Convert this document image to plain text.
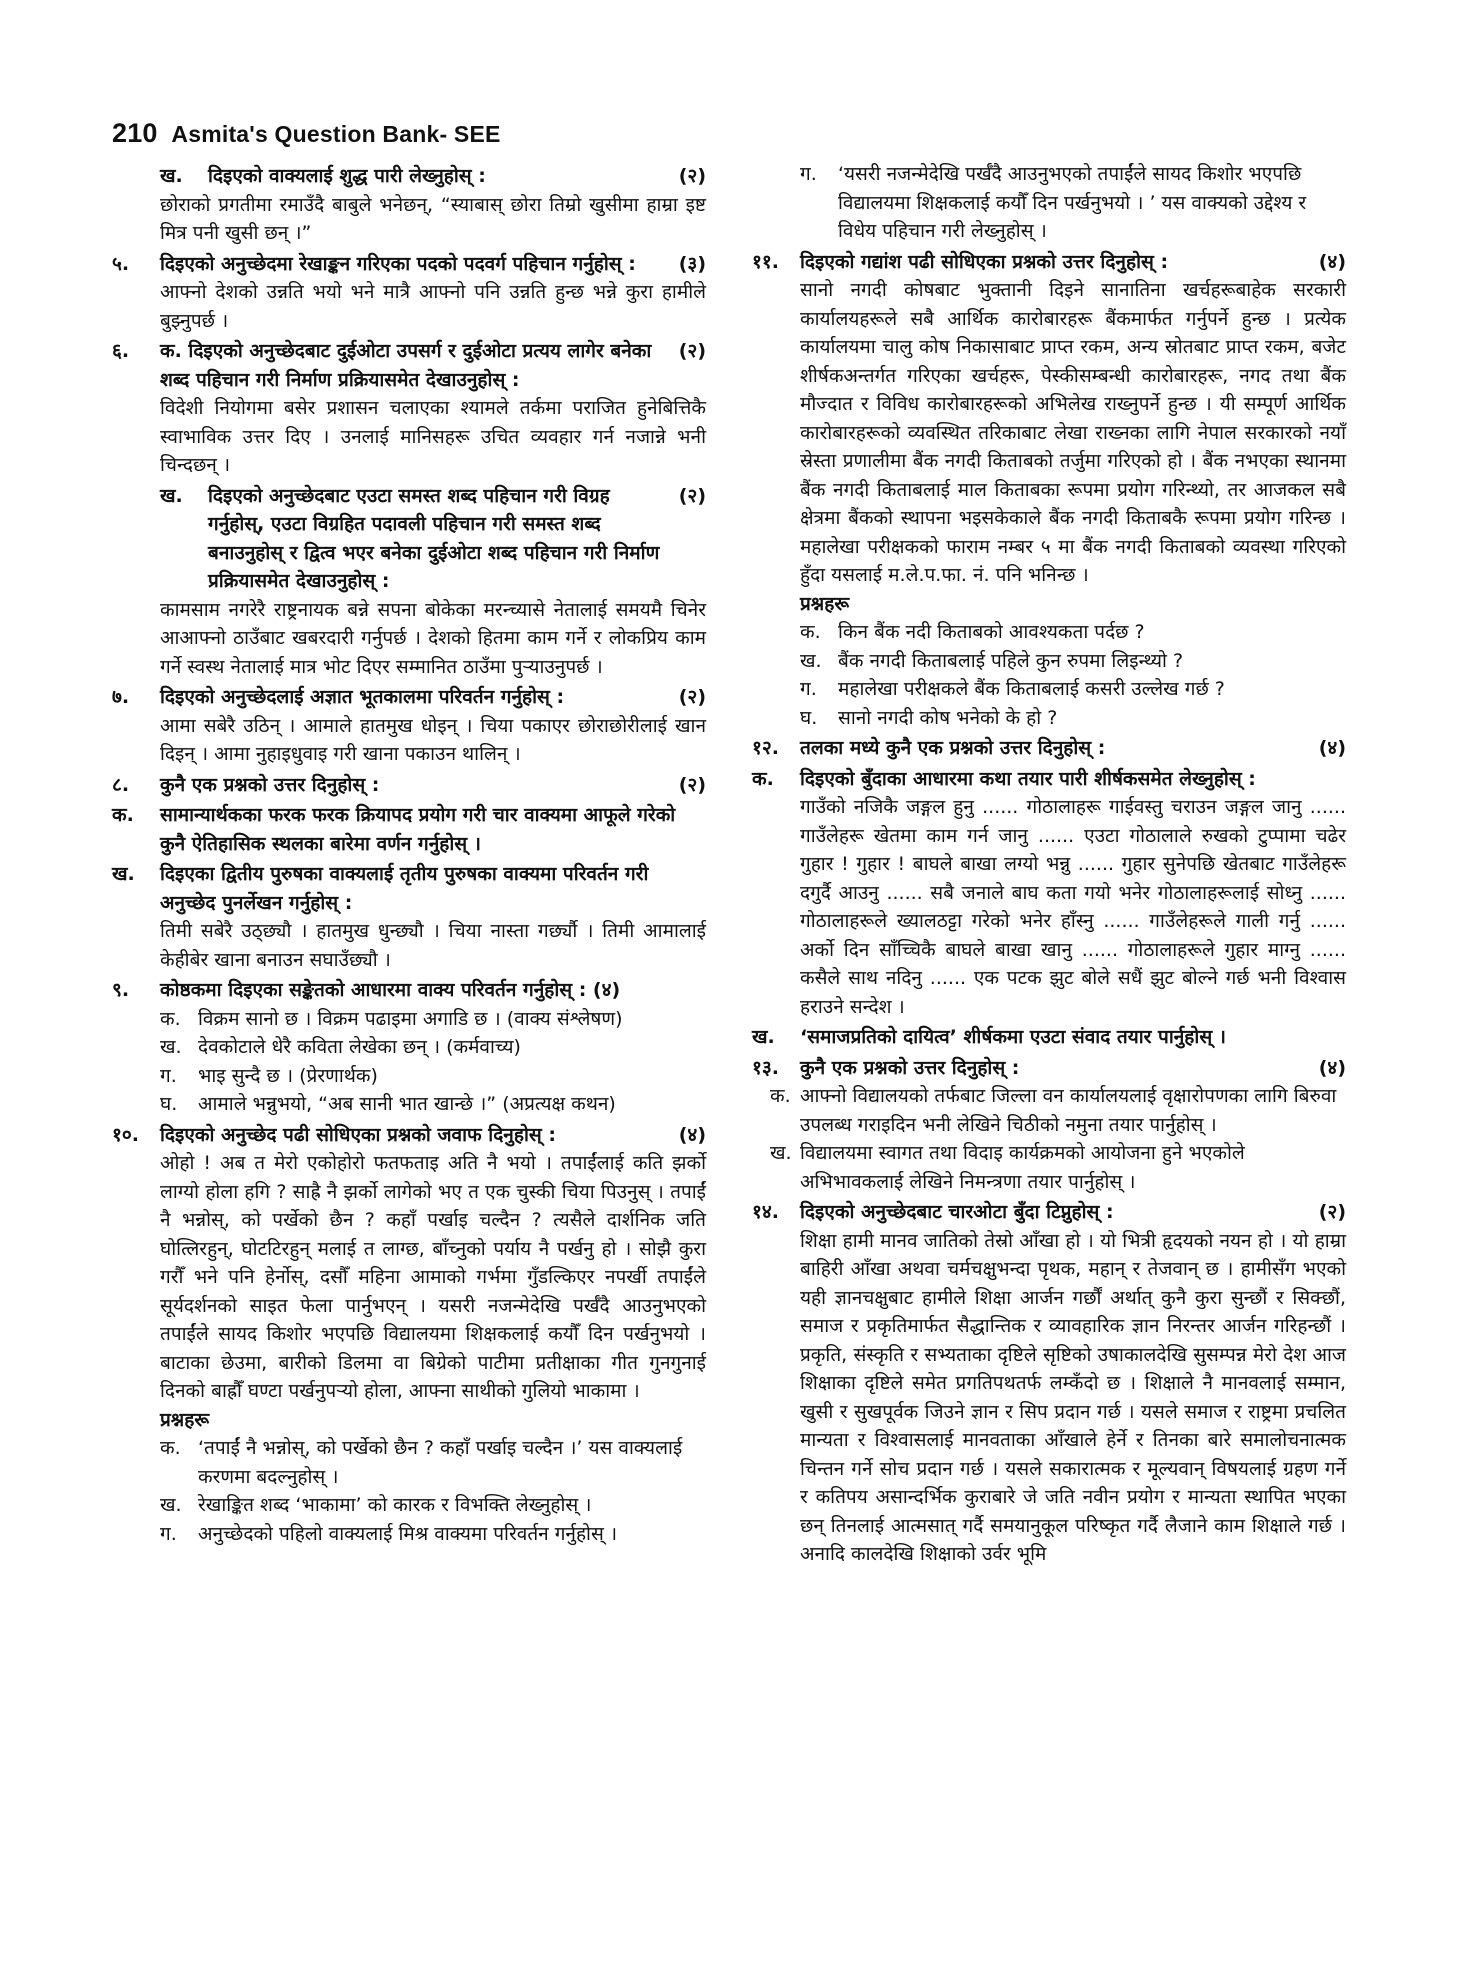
210 Asmita's Question Bank- SEE
ख.	दिइएको वाक्यलाई शुद्ध पारी लेख्नुहोस् :	(२)
छोराको प्रगतीमा रमाउँदै बाबुले भनेछन्, “स्याबास् छोरा तिम्रो खुसीमा हाम्रा इष्ट मित्र पनी खुसी छन् ।”
५.	दिइएको अनुच्छेदमा रेखाङ्कन गरिएका पदको पदवर्ग पहिचान गर्नुहोस् :	(३)
आफ्नो देशको उन्नति भयो भने मात्रै आफ्नो पनि उन्नति हुन्छ भन्ने कुरा हामीले बुझ्नुपर्छ ।
६.	क. दिइएको अनुच्छेदबाट दुईओटा उपसर्ग र दुईओटा प्रत्यय लागेर बनेका शब्द पहिचान गरी निर्माण प्रक्रियासमेत देखाउनुहोस् :
(२)
विदेशी नियोगमा बसेर प्रशासन चलाएका श्यामले तर्कमा पराजित हुनेबित्तिकै स्वाभाविक उत्तर दिए । उनलाई मानिसहरू उचित व्यवहार गर्न नजान्ने भनी चिन्दछन् ।
ख.	दिइएको अनुच्छेदबाट एउटा समस्त शब्द पहिचान गरी विग्रह गर्नुहोस्, एउटा विग्रहित पदावली पहिचान गरी समस्त शब्द बनाउनुहोस् र द्वित्व भएर बनेका दुईओटा शब्द पहिचान गरी निर्माण प्रक्रियासमेत देखाउनुहोस् :
(२)
कामसाम नगरेरै राष्ट्रनायक बन्ने सपना बोकेका मरन्च्यासे नेतालाई समयमै चिनेर आआफ्नो ठाउँबाट खबरदारी गर्नुपर्छ । देशको हितमा काम गर्ने र लोकप्रिय काम गर्ने स्वस्थ नेतालाई मात्र भोट दिएर सम्मानित ठाउँमा पुऱ्याउनुपर्छ ।
७.	दिइएको अनुच्छेदलाई अज्ञात भूतकालमा परिवर्तन गर्नुहोस् :	(२)
आमा सबेरै उठिन् । आमाले हातमुख धोइन् । चिया पकाएर छोराछोरीलाई खान दिइन् । आमा नुहाइधुवाइ गरी खाना पकाउन थालिन् ।
८.	कुनै एक प्रश्नको उत्तर दिनुहोस् :	(२)
क.	सामान्यार्थकका फरक फरक क्रियापद प्रयोग गरी चार वाक्यमा आफूले गरेको कुनै ऐतिहासिक स्थलका बारेमा वर्णन गर्नुहोस् ।
ख.	दिइएका द्वितीय पुरुषका वाक्यलाई तृतीय पुरुषका वाक्यमा परिवर्तन गरी अनुच्छेद पुनर्लेखन गर्नुहोस् :
तिमी सबेरै उठ्छ्यौ । हातमुख धुन्छ्यौ । चिया नास्ता गर्छ्यौ । तिमी आमालाई केहीबेर खाना बनाउन सघाउँछ्यौ ।
९.	कोष्ठकमा दिइएका सङ्केतको आधारमा वाक्य परिवर्तन गर्नुहोस् : (४)
क. विक्रम सानो छ । विक्रम पढाइमा अगाडि छ । (वाक्य संश्लेषण)
ख. देवकोटाले धेरै कविता लेखेका छन् । (कर्मवाच्य)
ग.	भाइ सुन्दै छ । (प्रेरणार्थक)
घ.	आमाले भन्नुभयो, “अब सानी भात खान्छे ।” (अप्रत्यक्ष कथन)
१०.	दिइएको अनुच्छेद पढी सोधिएका प्रश्नको जवाफ दिनुहोस् :	(४)
ओहो ! अब त मेरो एकोहोरो फतफताइ अति नै भयो । तपाईंलाई कति झर्को लाग्यो होला हगि ? साह्रै नै झर्को लागेको भए त एक चुस्की चिया पिउनुस् । तपाईं नै भन्नोस्, को पर्खेको छैन ? कहाँ पर्खाइ चल्दैन ? त्यसैले दार्शनिक जति घोत्लिरहुन्, घोटटिरहुन् मलाई त लाग्छ, बाँच्नुको पर्याय नै पर्खनु हो । सोझै कुरा गरौँ भने पनि हेर्नोस्, दसौँ महिना आमाको गर्भमा गुँडल्किएर नपर्खी तपाईंले सूर्यदर्शनको साइत फेला पार्नुभएन् । यसरी नजन्मेदेखि पर्खँदै आउनुभएको तपाईंले सायद किशोर भएपछि विद्यालयमा शिक्षकलाई कयौँ दिन पर्खनुभयो । बाटाका छेउमा, बारीको डिलमा वा बिग्रेको पाटीमा प्रतीक्षाका गीत गुनगुनाई दिनको बाह्रौँ घण्टा पर्खनुपऱ्यो होला, आफ्ना साथीको गुलियो भाकामा ।
प्रश्नहरू
क. ‘तपाईं नै भन्नोस्, को पर्खेको छैन ? कहाँ पर्खाइ चल्दैन ।’ यस वाक्यलाई करणमा बदल्नुहोस् ।
ख. रेखाङ्कित शब्द ‘भाकामा’ को कारक र विभक्ति लेख्नुहोस् ।
ग.	अनुच्छेदको पहिलो वाक्यलाई मिश्र वाक्यमा परिवर्तन गर्नुहोस् ।
ग.	‘यसरी नजन्मेदेखि पर्खँदै आउनुभएको तपाईंले सायद किशोर भएपछि विद्यालयमा शिक्षकलाई कयौँ दिन पर्खनुभयो । ’ यस वाक्यको उद्देश्य र विधेय पहिचान गरी लेख्नुहोस् ।
११.	दिइएको गद्यांश पढी सोधिएका प्रश्नको उत्तर दिनुहोस् :	(४)
सानो नगदी कोषबाट भुक्तानी दिइने सानातिना खर्चहरूबाहेक सरकारी कार्यालयहरूले सबै आर्थिक कारोबारहरू बैंकमार्फत गर्नुपर्ने हुन्छ । प्रत्येक कार्यालयमा चालु कोष निकासाबाट प्राप्त रकम, अन्य स्रोतबाट प्राप्त रकम, बजेट शीर्षकअन्तर्गत गरिएका खर्चहरू, पेस्कीसम्बन्धी कारोबारहरू, नगद तथा बैंक मौज्दात र विविध कारोबारहरूको अभिलेख राख्नुपर्ने हुन्छ । यी सम्पूर्ण आर्थिक कारोबारहरूको व्यवस्थित तरिकाबाट लेखा राख्नका लागि नेपाल सरकारको नयाँ स्रेस्ता प्रणालीमा बैंक नगदी किताबको तर्जुमा गरिएको हो । बैंक नभएका स्थानमा बैंक नगदी किताबलाई माल किताबका रूपमा प्रयोग गरिन्थ्यो, तर आजकल सबै क्षेत्रमा बैंकको स्थापना भइसकेकाले बैंक नगदी किताबकै रूपमा प्रयोग गरिन्छ । महालेखा परीक्षकको फाराम नम्बर ५ मा बैंक नगदी किताबको व्यवस्था गरिएको हुँदा यसलाई म.ले.प.फा. नं. पनि भनिन्छ ।
प्रश्नहरू
क. किन बैंक नदी किताबको आवश्यकता पर्दछ ?
ख. बैंक नगदी किताबलाई पहिले कुन रुपमा लिइन्थ्यो ?
ग.	महालेखा परीक्षकले बैंक किताबलाई कसरी उल्लेख गर्छ ?
घ.	सानो नगदी कोष भनेको के हो ?
१२.	तलका मध्ये कुनै एक प्रश्नको उत्तर दिनुहोस् :	(४)
क.	दिइएको बुँदाका आधारमा कथा तयार पारी शीर्षकसमेत लेख्नुहोस् :
गाउँको नजिकै जङ्गल हुनु ...... गोठालाहरू गाईवस्तु चराउन जङ्गल जानु ...... गाउँलेहरू खेतमा काम गर्न जानु ...... एउटा गोठालाले रुखको टुप्पामा चढेर गुहार ! गुहार ! बाघले बाखा लग्यो भन्नु ...... गुहार सुनेपछि खेतबाट गाउँलेहरू दगुर्दै आउनु ...... सबै जनाले बाघ कता गयो भनेर गोठालाहरूलाई सोध्नु ...... गोठालाहरूले ख्यालठट्टा गरेको भनेर हाँस्नु ...... गाउँलेहरूले गाली गर्नु ...... अर्को दिन साँच्चिकै बाघले बाखा खानु ...... गोठालाहरूले गुहार माग्नु ...... कसैले साथ नदिनु ...... एक पटक झुट बोले सधैं झुट बोल्ने गर्छ भनी विश्वास हराउने सन्देश ।
ख.	‘समाजप्रतिको दायित्व’ शीर्षकमा एउटा संवाद तयार पार्नुहोस् ।
१३.	कुनै एक प्रश्नको उत्तर दिनुहोस् :	(४)
क. आफ्नो विद्यालयको तर्फबाट जिल्ला वन कार्यालयलाई वृक्षारोपणका लागि बिरुवा उपलब्ध गराइदिन भनी लेखिने चिठीको नमुना तयार पार्नुहोस् ।
ख. विद्यालयमा स्वागत तथा विदाइ कार्यक्रमको आयोजना हुने भएकोले अभिभावकलाई लेखिने निमन्त्रणा तयार पार्नुहोस् ।
१४.	दिइएको अनुच्छेदबाट चारओटा बुँदा टिप्नुहोस् :	(२)
शिक्षा हामी मानव जातिको तेस्रो आँखा हो । यो भित्री हृदयको नयन हो । यो हाम्रा बाहिरी आँखा अथवा चर्मचक्षुभन्दा पृथक, महान् र तेजवान् छ । हामीसँग भएको यही ज्ञानचक्षुबाट हामीले शिक्षा आर्जन गर्छौं अर्थात् कुनै कुरा सुन्छौं र सिक्छौं, समाज र प्रकृतिमार्फत सैद्धान्तिक र व्यावहारिक ज्ञान निरन्तर आर्जन गरिहन्छौं । प्रकृति, संस्कृति र सभ्यताका दृष्टिले सृष्टिको उषाकालदेखि सुसम्पन्न मेरो देश आज शिक्षाका दृष्टिले समेत प्रगतिपथतर्फ लम्कँदो छ । शिक्षाले नै मानवलाई सम्मान, खुसी र सुखपूर्वक जिउने ज्ञान र सिप प्रदान गर्छ । यसले समाज र राष्ट्रमा प्रचलित मान्यता र विश्वासलाई मानवताका आँखाले हेर्ने र तिनका बारे समालोचनात्मक चिन्तन गर्ने सोच प्रदान गर्छ । यसले सकारात्मक र मूल्यवान् विषयलाई ग्रहण गर्ने र कतिपय असान्दर्भिक कुराबारे जे जति नवीन प्रयोग र मान्यता स्थापित भएका छन् तिनलाई आत्मसात् गर्दै समयानुकूल परिष्कृत गर्दै लैजाने काम शिक्षाले गर्छ । अनादि कालदेखि शिक्षाको उर्वर भूमि
